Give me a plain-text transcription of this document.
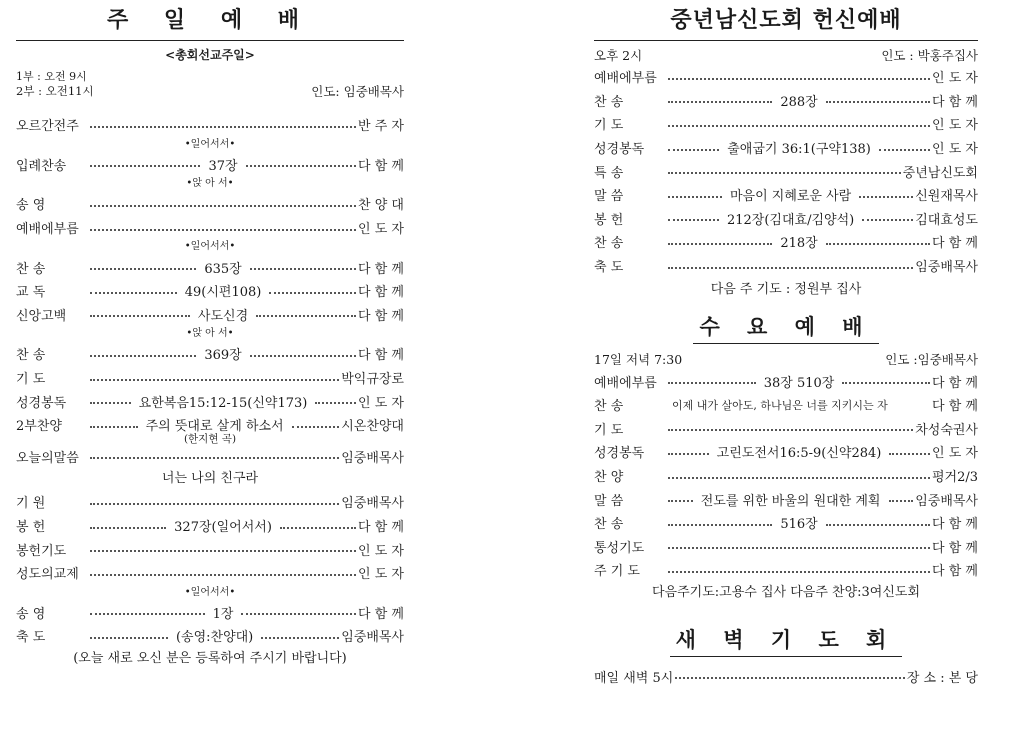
주 일 예 배
<총회선교주일>
1부 : 오전 9시
2부 : 오전11시	인도: 임중배목사
오르간전주	반 주 자
•일어서서•
입례찬송	37장	다 함 께
•앉 아 서•
송 영	찬 양 대
예배에부름	인 도 자
•일어서서•
찬 송	635장	다 함 께
교 독	49(시편108)	다 함 께
신앙고백	사도신경	다 함 께
•앉 아 서•
찬 송	369장	다 함 께
기 도	박익규장로
성경봉독	요한복음15:12-15(신약173)	인 도 자
2부찬양	주의 뜻대로 살게 하소서	시온찬양대
(한지현 곡)
오늘의말씀	임중배목사
너는 나의 친구라
기 원	임중배목사
봉 헌	327장(일어서서)	다 함 께
봉헌기도	인 도 자
성도의교제	인 도 자
•일어서서•
송 영	1장	다 함 께
축 도	(송영:찬양대)	임중배목사
(오늘 새로 오신 분은 등록하여 주시기 바랍니다)
중년남신도회 헌신예배
오후 2시	인도 : 박홍주집사
예배에부름	인 도 자
찬 송	288장	다 함 께
기 도	인 도 자
성경봉독	출애굽기 36:1(구약138)	인 도 자
특 송	중년남신도회
말 씀	마음이 지혜로운 사람	신원재목사
봉 헌	212장(김대효/김양석)	김대효성도
찬 송	218장	다 함 께
축 도	임중배목사
다음 주 기도 : 정원부 집사
수 요 예 배
17일 저녁 7:30	인도 :임중배목사
예배에부름	38장 510장	다 함 께
찬 송	이제 내가 살아도, 하나님은 너를 지키시는 자	다 함 께
기 도	차성숙권사
성경봉독	고린도전서16:5-9(신약284)	인 도 자
찬 양	평거2/3
말 씀	전도를 위한 바울의 원대한 계획	임중배목사
찬 송	516장	다 함 께
통성기도	다 함 께
주 기 도	다 함 께
다음주기도:고용수 집사 다음주 찬양:3여신도회
새 벽 기 도 회
매일 새벽 5시	장 소 : 본 당
